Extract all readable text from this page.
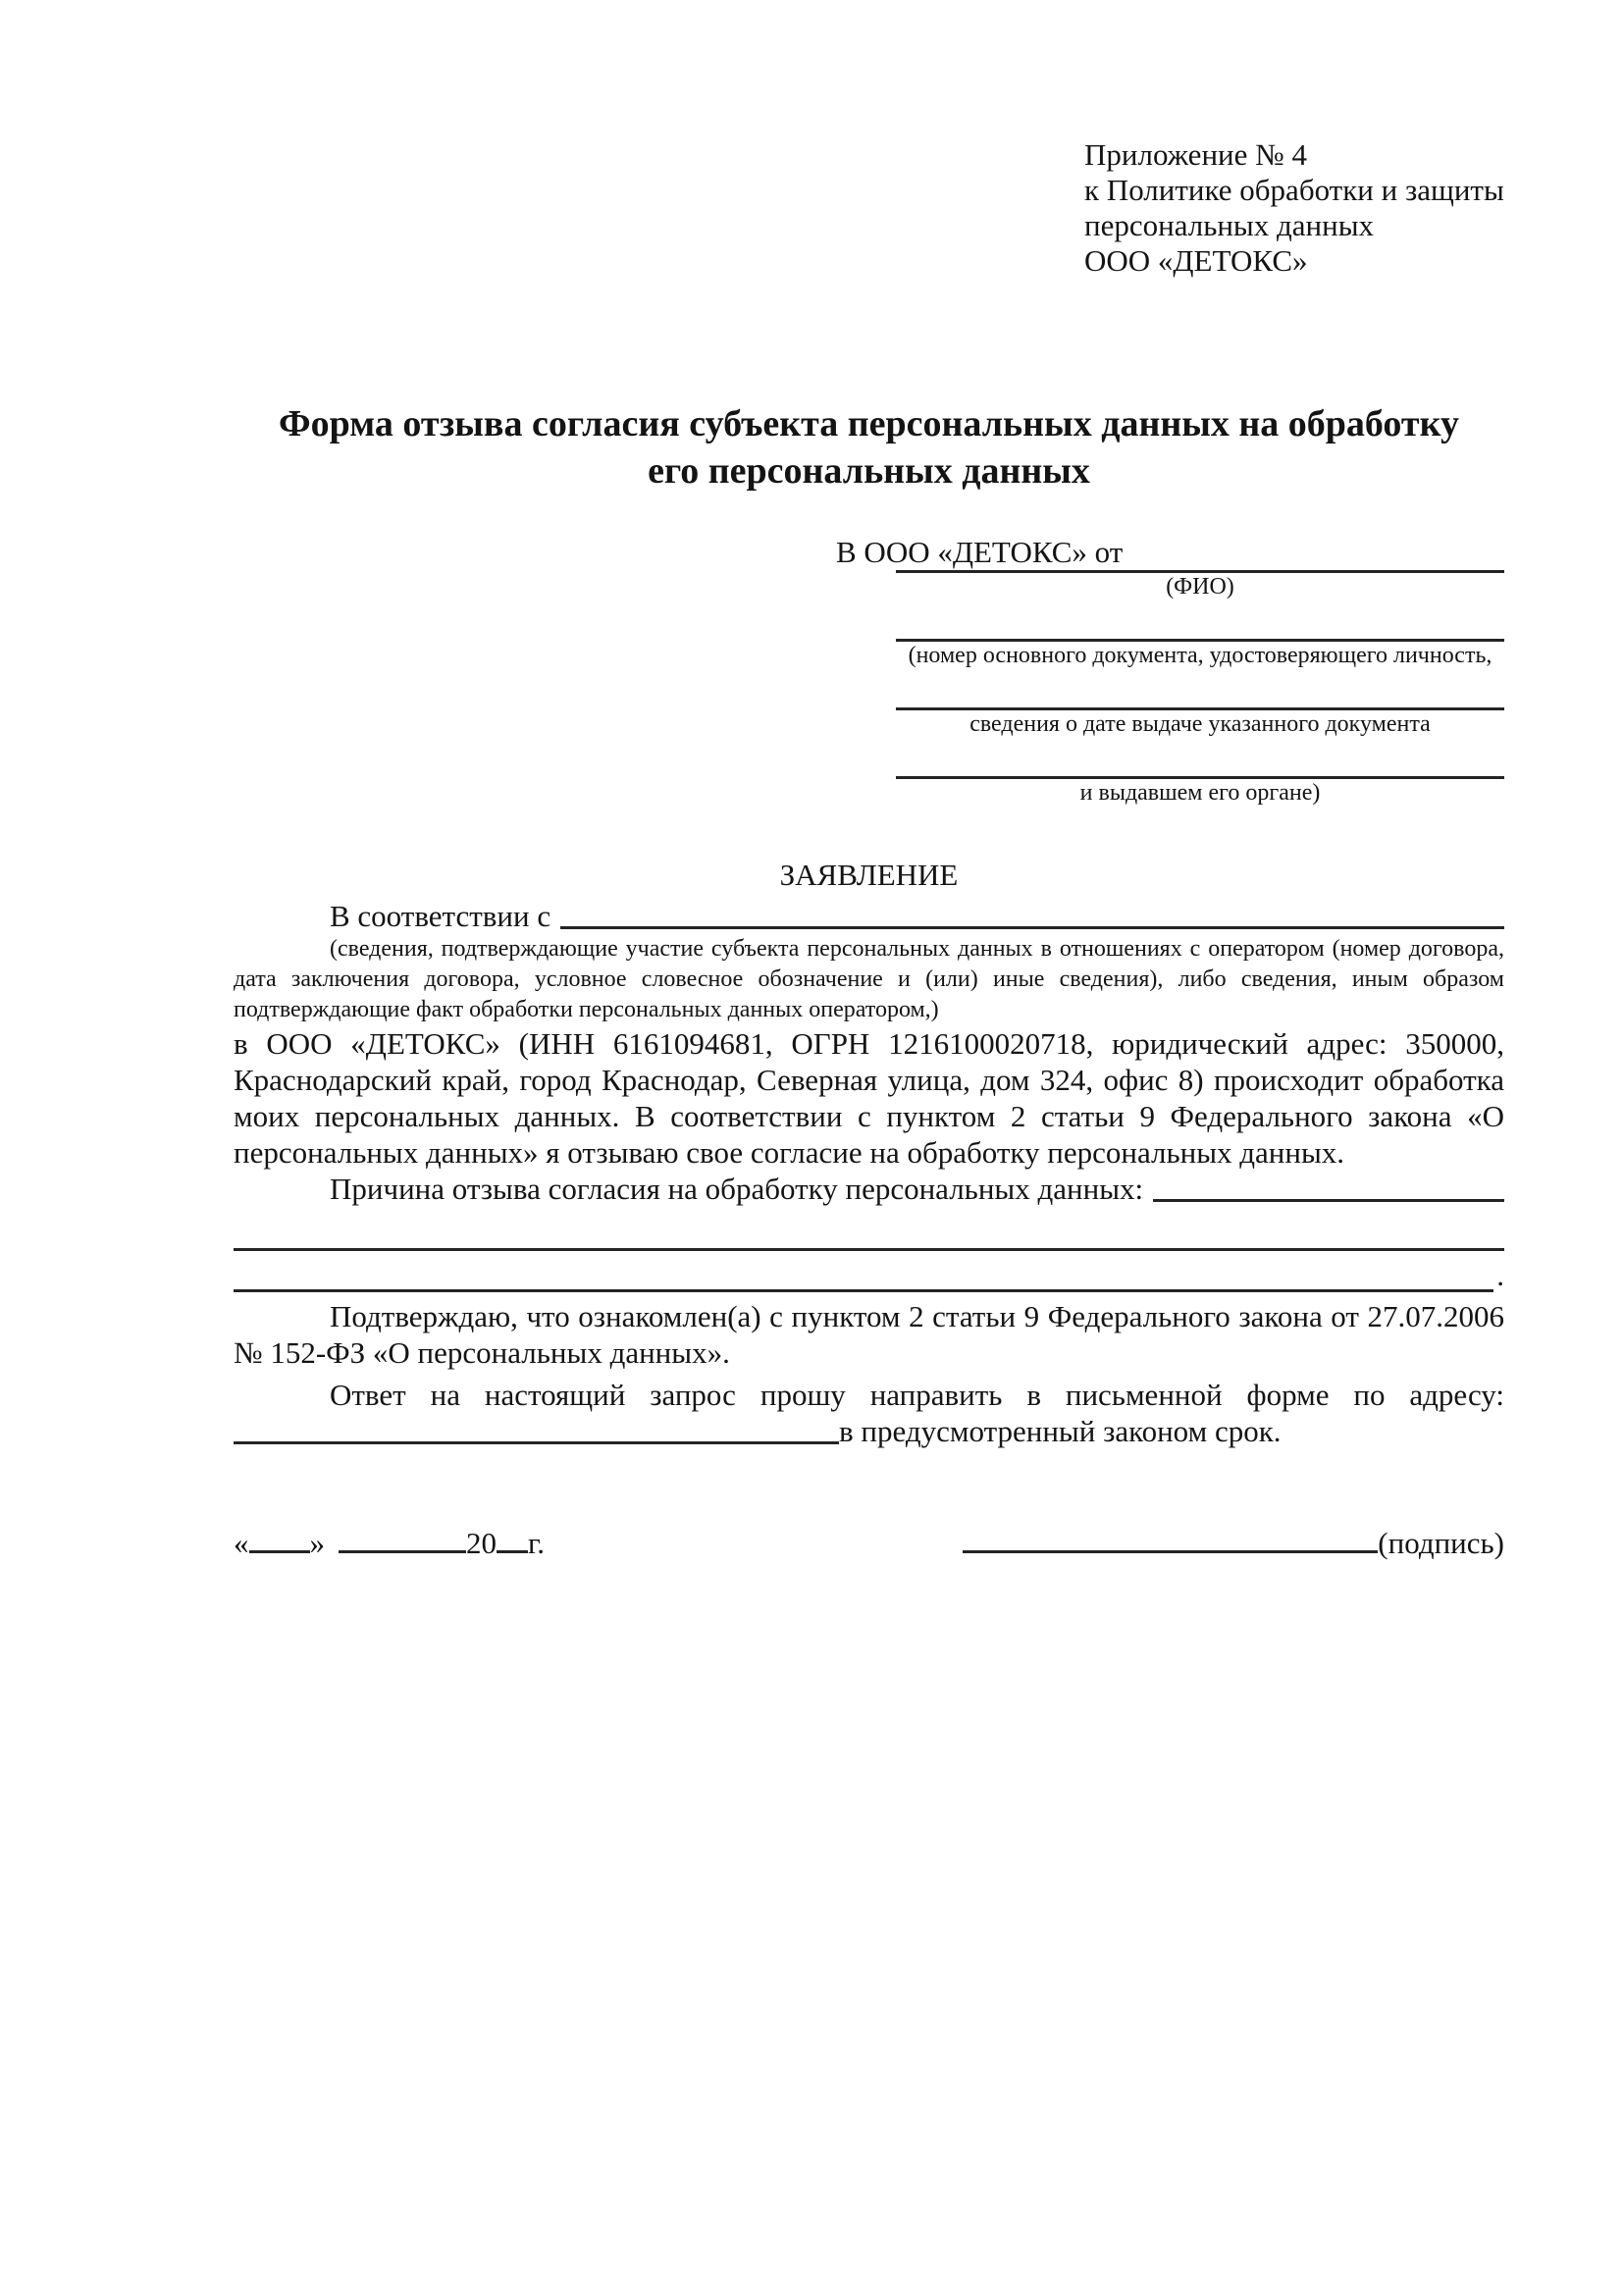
Приложение № 4
к Политике обработки и защиты
персональных данных
ООО «ДЕТОКС»
Форма отзыва согласия субъекта персональных данных на обработку
его персональных данных
В ООО «ДЕТОКС» от
(ФИО)
(номер основного документа, удостоверяющего личность,
сведения о дате выдаче указанного документа
и выдавшем его органе)
ЗАЯВЛЕНИЕ
В соответствии с
(сведения, подтверждающие участие субъекта персональных данных в отношениях с оператором (номер договора, дата заключения договора, условное словесное обозначение и (или) иные сведения), либо сведения, иным образом подтверждающие факт обработки персональных данных оператором,)
в ООО «ДЕТОКС» (ИНН 6161094681, ОГРН 1216100020718, юридический адрес: 350000, Краснодарский край, город Краснодар, Северная улица, дом 324, офис 8) происходит обработка моих персональных данных. В соответствии с пунктом 2 статьи 9 Федерального закона «О персональных данных» я отзываю свое согласие на обработку персональных данных.
Причина отзыва согласия на обработку персональных данных:
.
Подтверждаю, что ознакомлен(а) с пунктом 2 статьи 9 Федерального закона от 27.07.2006 № 152-ФЗ «О персональных данных».
Ответ на настоящий запрос прошу направить в письменной форме по адресу:
в предусмотренный законом срок.
« »	20 г.	(подпись)
